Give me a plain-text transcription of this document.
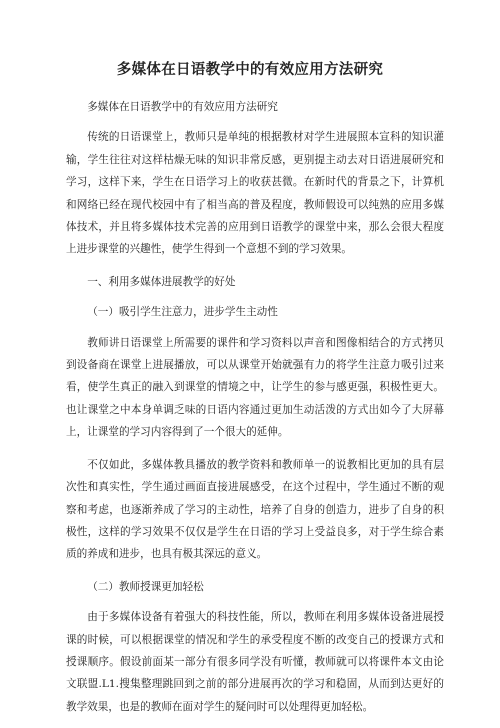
多媒体在日语教学中的有效应用方法研究

多媒体在日语教学中的有效应用方法研究

传统的日语课堂上，教师只是单纯的根据教材对学生进展照本宣科的知识灌输，学生往往对这样枯燥无味的知识非常反感，更别提主动去对日语进展研究和学习，这样下来，学生在日语学习上的收获甚微。在新时代的背景之下，计算机和网络已经在现代校园中有了相当高的普及程度，教师假设可以纯熟的应用多媒体技术，并且将多媒体技术完善的应用到日语教学的课堂中来，那么会很大程度上进步课堂的兴趣性，使学生得到一个意想不到的学习效果。

一、利用多媒体进展教学的好处

（一）吸引学生注意力，进步学生主动性

教师讲日语课堂上所需要的课件和学习资料以声音和图像相结合的方式拷贝到设备商在课堂上进展播放，可以从课堂开始就强有力的将学生注意力吸引过来看，使学生真正的融入到课堂的情境之中，让学生的参与感更强，积极性更大。也让课堂之中本身单调乏味的日语内容通过更加生动活泼的方式出如今了大屏幕上，让课堂的学习内容得到了一个很大的延伸。

不仅如此，多媒体教具播放的教学资料和教师单一的说教相比更加的具有层次性和真实性，学生通过画面直接进展感受，在这个过程中，学生通过不断的观察和考虑，也逐渐养成了学习的主动性，培养了自身的创造力，进步了自身的积极性，这样的学习效果不仅仅是学生在日语的学习上受益良多，对于学生综合素质的养成和进步，也具有极其深远的意义。

（二）教师授课更加轻松

由于多媒体设备有着强大的科技性能，所以，教师在利用多媒体设备进展授课的时候，可以根据课堂的情况和学生的承受程度不断的改变自己的授课方式和授课顺序。假设前面某一部分有很多同学没有听懂，教师就可以将课件本文由论文联盟.L1.搜集整理跳回到之前的部分进展再次的学习和稳固，从而到达更好的教学效果，也是的教师在面对学生的疑问时可以处理得更加轻松。
